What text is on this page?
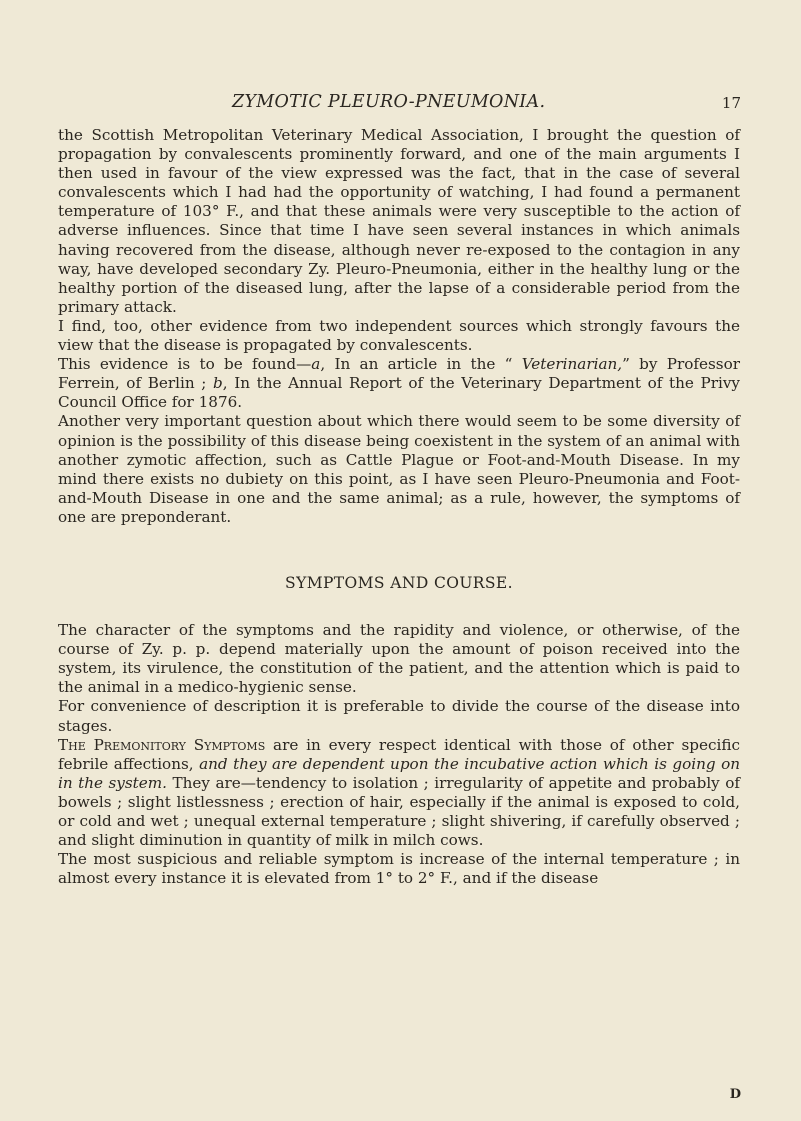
ZYMOTIC PLEURO-PNEUMONIA.	17

the Scottish Metropolitan Veterinary Medical Association, I brought the question of propagation by convalescents prominently forward, and one of the main arguments I then used in favour of the view expressed was the fact, that in the case of several convalescents which I had had the opportunity of watching, I had found a permanent temperature of 103° F., and that these animals were very susceptible to the action of adverse influences. Since that time I have seen several instances in which animals having recovered from the disease, although never re-exposed to the contagion in any way, have developed secondary Zy. Pleuro-Pneumonia, either in the healthy lung or the healthy portion of the diseased lung, after the lapse of a considerable period from the primary attack.

I find, too, other evidence from two independent sources which strongly favours the view that the disease is propagated by convalescents.

This evidence is to be found—a, In an article in the “ Veterinarian,” by Professor Ferrein, of Berlin ; b, In the Annual Report of the Veterinary Department of the Privy Council Office for 1876.

Another very important question about which there would seem to be some diversity of opinion is the possibility of this disease being coexistent in the system of an animal with another zymotic affection, such as Cattle Plague or Foot-and-Mouth Disease. In my mind there exists no dubiety on this point, as I have seen Pleuro-Pneumonia and Foot-and-Mouth Disease in one and the same animal; as a rule, however, the symptoms of one are preponderant.

SYMPTOMS AND COURSE.

The character of the symptoms and the rapidity and violence, or otherwise, of the course of Zy. p. p. depend materially upon the amount of poison received into the system, its virulence, the constitution of the patient, and the attention which is paid to the animal in a medico-hygienic sense.

For convenience of description it is preferable to divide the course of the disease into stages.

The Premonitory Symptoms are in every respect identical with those of other specific febrile affections, and they are dependent upon the incubative action which is going on in the system. They are—tendency to isolation ; irregularity of appetite and probably of bowels ; slight listlessness ; erection of hair, especially if the animal is exposed to cold, or cold and wet ; unequal external temperature ; slight shivering, if carefully observed ; and slight diminution in quantity of milk in milch cows.

The most suspicious and reliable symptom is increase of the internal temperature ; in almost every instance it is elevated from 1° to 2° F., and if the disease

D
